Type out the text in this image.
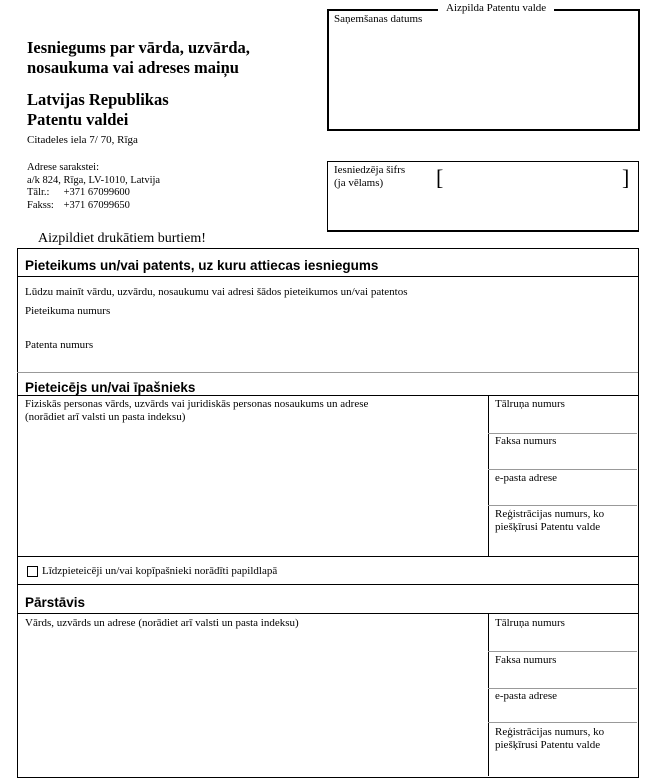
Iesniegums par vārda, uzvārda, nosaukuma vai adreses maiņu
Latvijas Republikas
Patentu valdei
Citadeles iela 7/ 70, Rīga
Adrese sarakstei:
a/k 824, Rīga, LV-1010, Latvija
Tālr.: +371 67099600
Fakss: +371 67099650
Aizpilda Patentu valde
Saņemšanas datums
Iesniedzēja šifrs
(ja vēlams)	[	]
Aizpildiet drukātiem burtiem!
Pieteikums un/vai patents, uz kuru attiecas iesniegums
Lūdzu mainīt vārdu, uzvārdu, nosaukumu vai adresi šādos pieteikumos un/vai patentos
Pieteikuma numurs
Patenta numurs
Pieteicējs un/vai īpašnieks
Fiziskās personas vārds, uzvārds vai juridiskās personas nosaukums un adrese (norādiet arī valsti un pasta indeksu)
Tālruņa numurs
Faksa numurs
e-pasta adrese
Reģistrācijas numurs, ko piešķīrusi Patentu valde
Līdzpieteicēji un/vai kopīpašnieki norādīti papildlapā
Pārstāvis
Vārds, uzvārds un adrese (norādiet arī valsti un pasta indeksu)	Tālruņa numurs
Faksa numurs
e-pasta adrese
Reģistrācijas numurs, ko piešķīrusi Patentu valde
